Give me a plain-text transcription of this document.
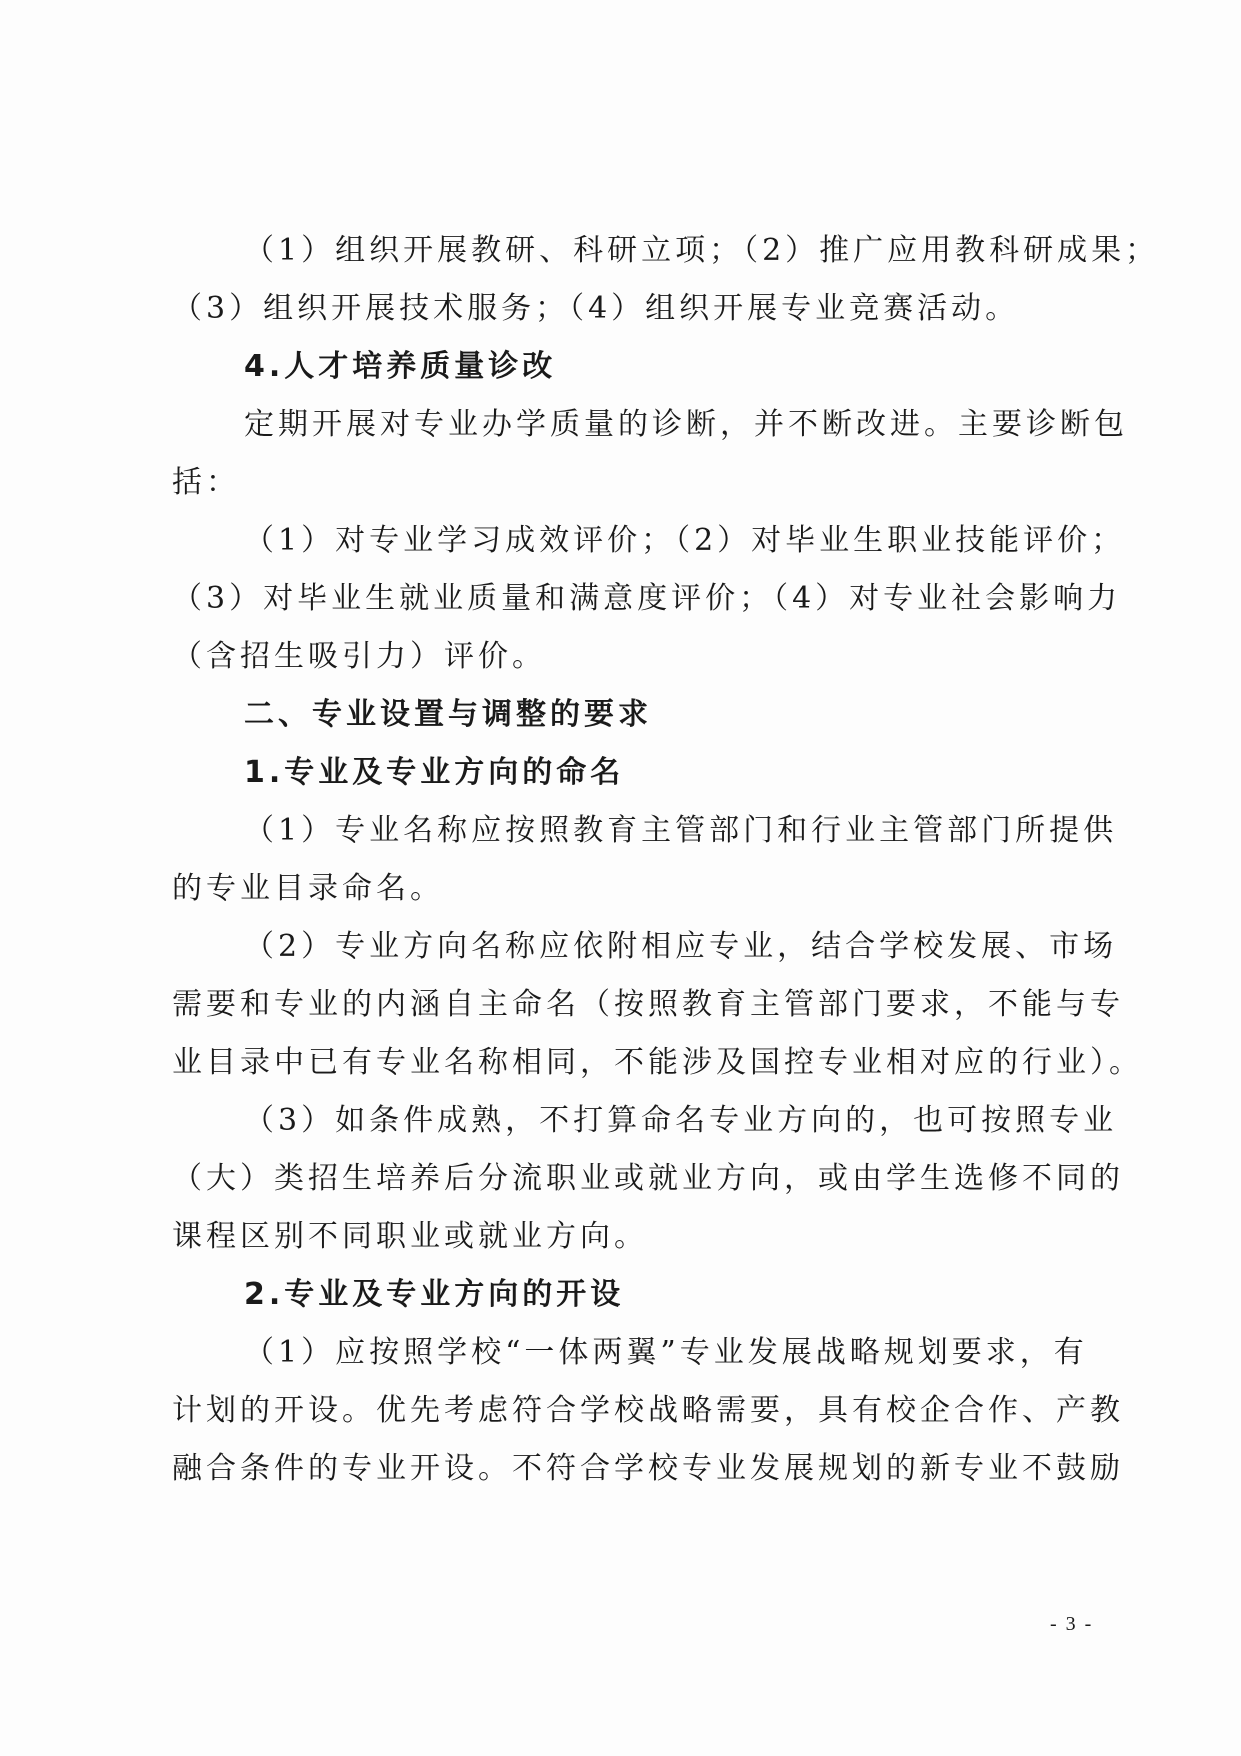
（1）组织开展教研、科研立项；（2）推广应用教科研成果；
（3）组织开展技术服务；（4）组织开展专业竞赛活动。
4.人才培养质量诊改
定期开展对专业办学质量的诊断，并不断改进。主要诊断包
括：
（1）对专业学习成效评价；（2）对毕业生职业技能评价；
（3）对毕业生就业质量和满意度评价；（4）对专业社会影响力
（含招生吸引力）评价。
二、专业设置与调整的要求
1.专业及专业方向的命名
（1）专业名称应按照教育主管部门和行业主管部门所提供
的专业目录命名。
（2）专业方向名称应依附相应专业，结合学校发展、市场
需要和专业的内涵自主命名（按照教育主管部门要求，不能与专
业目录中已有专业名称相同，不能涉及国控专业相对应的行业）。
（3）如条件成熟，不打算命名专业方向的，也可按照专业
（大）类招生培养后分流职业或就业方向，或由学生选修不同的
课程区别不同职业或就业方向。
2.专业及专业方向的开设
（1）应按照学校“一体两翼”专业发展战略规划要求，有
计划的开设。优先考虑符合学校战略需要，具有校企合作、产教
融合条件的专业开设。不符合学校专业发展规划的新专业不鼓励
- 3 -
